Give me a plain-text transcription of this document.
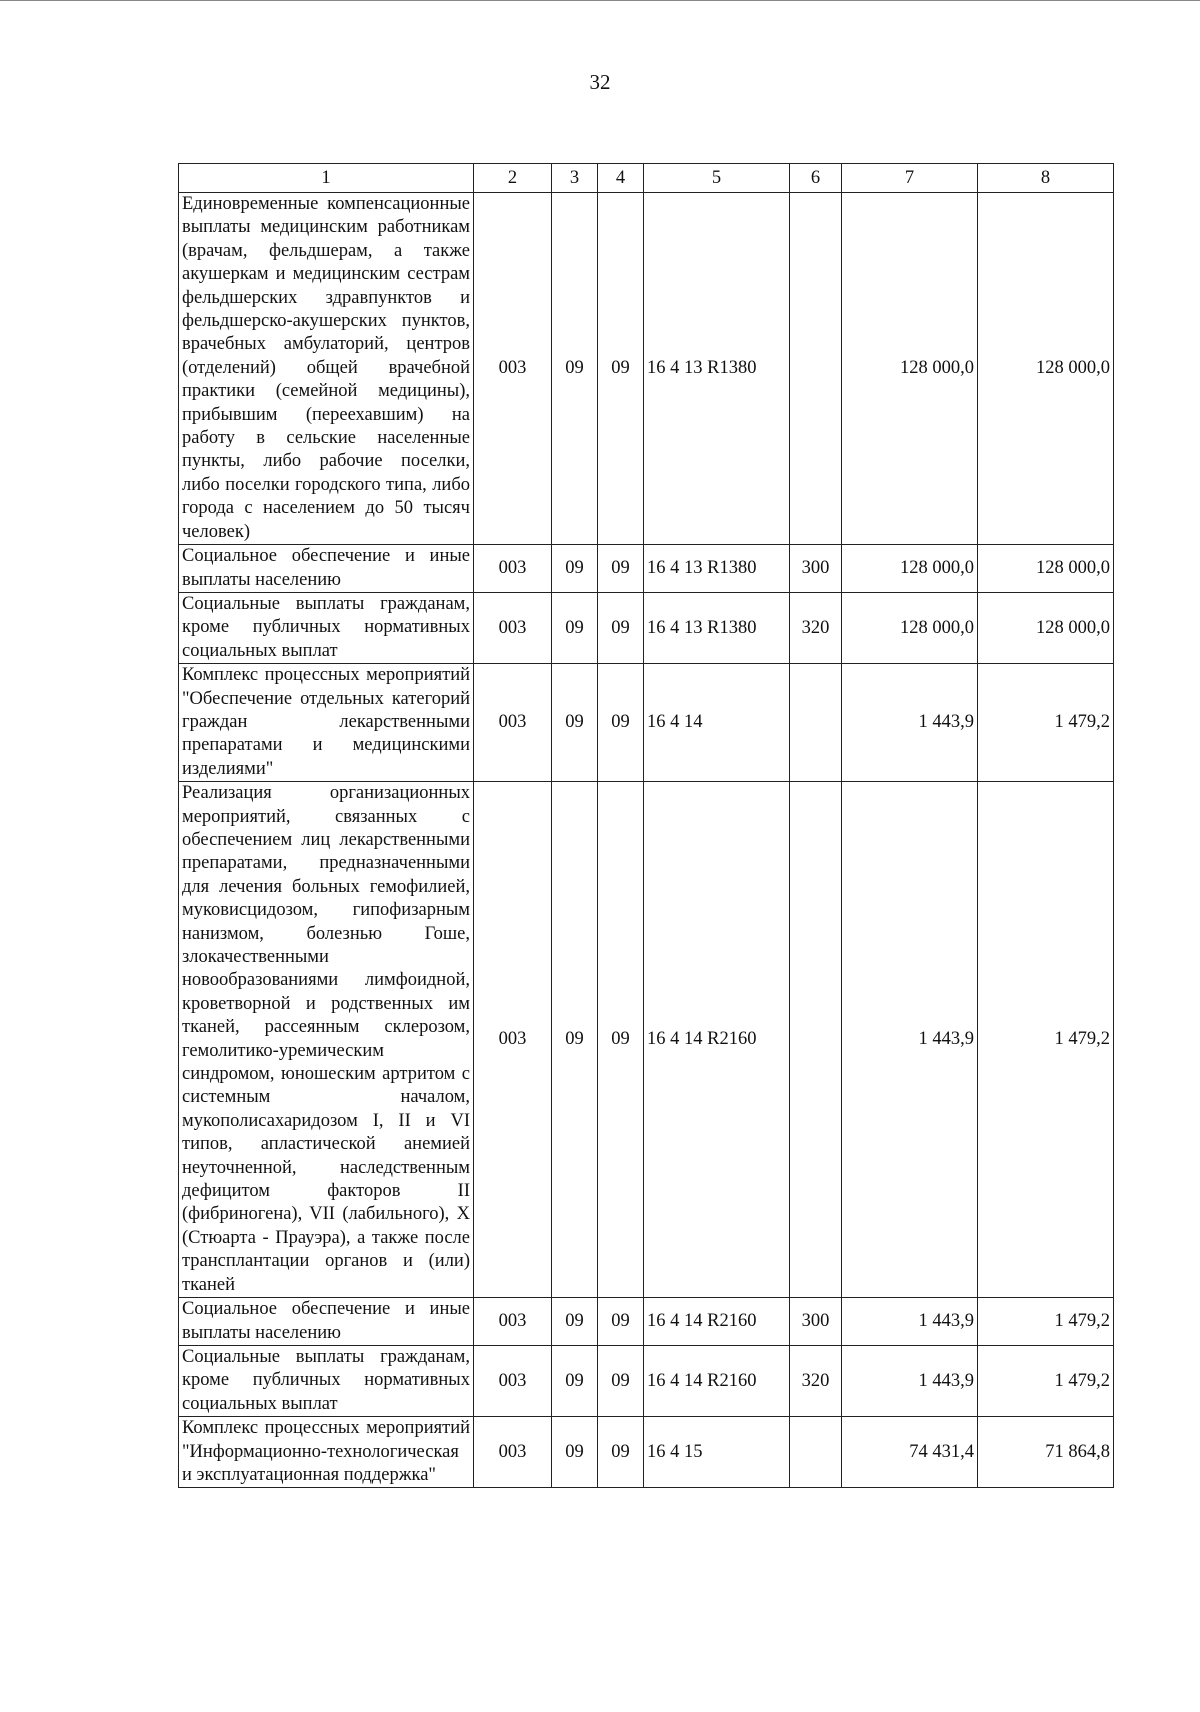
32
1	2	3	4	5	6	7	8
Единовременные компенсационные выплаты медицинским работникам (врачам, фельдшерам, а также акушеркам и медицинским сестрам фельдшерских здравпунктов и фельдшерско-акушерских пунктов, врачебных амбулаторий, центров (отделений) общей врачебной практики (семейной медицины), прибывшим (переехавшим) на работу в сельские населенные пункты, либо рабочие поселки, либо поселки городского типа, либо города с населением до 50 тысяч человек)	003	09	09	16 4 13 R1380		128 000,0	128 000,0
Социальное обеспечение и иные выплаты населению	003	09	09	16 4 13 R1380	300	128 000,0	128 000,0
Социальные выплаты гражданам, кроме публичных нормативных социальных выплат	003	09	09	16 4 13 R1380	320	128 000,0	128 000,0
Комплекс процессных мероприятий "Обеспечение отдельных категорий граждан лекарственными препаратами и медицинскими изделиями"	003	09	09	16 4 14		1 443,9	1 479,2
Реализация организационных мероприятий, связанных с обеспечением лиц лекарственными препаратами, предназначенными для лечения больных гемофилией, муковисцидозом, гипофизарным нанизмом, болезнью Гоше, злокачественными новообразованиями лимфоидной, кроветворной и родственных им тканей, рассеянным склерозом, гемолитико-уремическим синдромом, юношеским артритом с системным началом, мукополисахаридозом I, II и VI типов, апластической анемией неуточненной, наследственным дефицитом факторов II (фибриногена), VII (лабильного), X (Стюарта - Прауэра), а также после трансплантации органов и (или) тканей	003	09	09	16 4 14 R2160		1 443,9	1 479,2
Социальное обеспечение и иные выплаты населению	003	09	09	16 4 14 R2160	300	1 443,9	1 479,2
Социальные выплаты гражданам, кроме публичных нормативных социальных выплат	003	09	09	16 4 14 R2160	320	1 443,9	1 479,2
Комплекс процессных мероприятий "Информационно-технологическая и эксплуатационная поддержка"	003	09	09	16 4 15		74 431,4	71 864,8
